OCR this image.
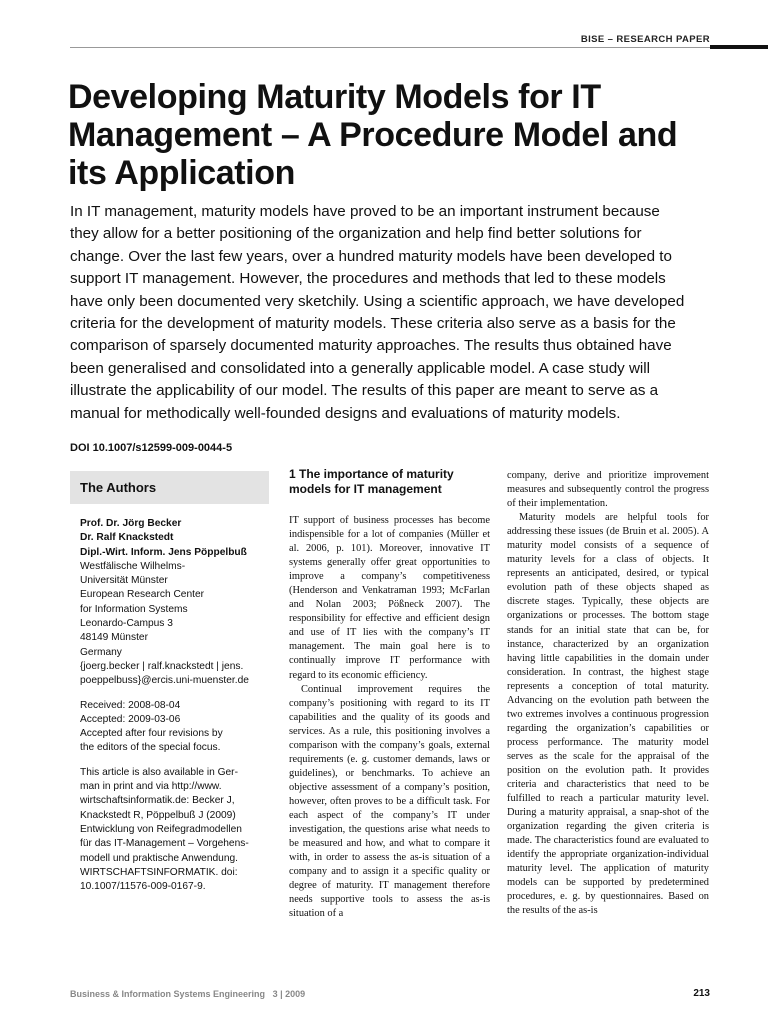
BISE – RESEARCH PAPER
Developing Maturity Models for IT Management – A Procedure Model and its Application

In IT management, maturity models have proved to be an important instrument because they allow for a better positioning of the organization and help find better solutions for change. Over the last few years, over a hundred maturity models have been developed to support IT management. However, the procedures and methods that led to these models have only been documented very sketchily. Using a scientific approach, we have developed criteria for the development of maturity models. These criteria also serve as a basis for the comparison of sparsely documented maturity approaches. The results thus obtained have been generalised and consolidated into a generally applicable model. A case study will illustrate the applicability of our model. The results of this paper are meant to serve as a manual for methodically well-founded designs and evaluations of maturity models.

DOI 10.1007/s12599-009-0044-5
The Authors
Prof. Dr. Jörg Becker
Dr. Ralf Knackstedt
Dipl.-Wirt. Inform. Jens Pöppelbuß
Westfälische Wilhelms-
Universität Münster
European Research Center
for Information Systems
Leonardo-Campus 3
48149 Münster
Germany
{joerg.becker | ralf.knackstedt | jens.
poeppelbuss}@ercis.uni-muenster.de
Received: 2008-08-04
Accepted: 2009-03-06
Accepted after four revisions by
the editors of the special focus.
This article is also available in Ger-
man in print and via http://www.
wirtschaftsinformatik.de: Becker J,
Knackstedt R, Pöppelbuß J (2009)
Entwicklung von Reifegradmodellen
für das IT-Management – Vorgehens-
modell und praktische Anwendung.
WIRTSCHAFTSINFORMATIK. doi:
10.1007/11576-009-0167-9.
1 The importance of maturity models for IT management

IT support of business processes has become indispensible for a lot of companies (Müller et al. 2006, p. 101). Moreover, innovative IT systems generally offer great opportunities to improve a company’s competitiveness (Henderson and Venkatraman 1993; McFarlan and Nolan 2003; Pößneck 2007). The responsibility for effective and efficient design and use of IT lies with the company’s IT management. The main goal here is to continually improve IT performance with regard to its economic efficiency.

Continual improvement requires the company’s positioning with regard to its IT capabilities and the quality of its goods and services. As a rule, this positioning involves a comparison with the company’s goals, external requirements (e. g. customer demands, laws or guidelines), or benchmarks. To achieve an objective assessment of a company’s position, however, often proves to be a difficult task. For each aspect of the company’s IT under investigation, the questions arise what needs to be measured and how, and what to compare it with, in order to assess the as-is situation of a company and to assign it a specific quality or degree of maturity. IT management therefore needs supportive tools to assess the as-is situation of a

company, derive and prioritize improvement measures and subsequently control the progress of their implementation.

Maturity models are helpful tools for addressing these issues (de Bruin et al. 2005). A maturity model consists of a sequence of maturity levels for a class of objects. It represents an anticipated, desired, or typical evolution path of these objects shaped as discrete stages. Typically, these objects are organizations or processes. The bottom stage stands for an initial state that can be, for instance, characterized by an organization having little capabilities in the domain under consideration. In contrast, the highest stage represents a conception of total maturity. Advancing on the evolution path between the two extremes involves a continuous progression regarding the organization’s capabilities or process performance. The maturity model serves as the scale for the appraisal of the position on the evolution path. It provides criteria and characteristics that need to be fulfilled to reach a particular maturity level. During a maturity appraisal, a snap-shot of the organization regarding the given criteria is made. The characteristics found are evaluated to identify the appropriate organization-individual maturity level. The application of maturity models can be supported by predetermined procedures, e. g. by questionnaires. Based on the results of the as-is

Business & Information Systems Engineering 3 | 2009	213
